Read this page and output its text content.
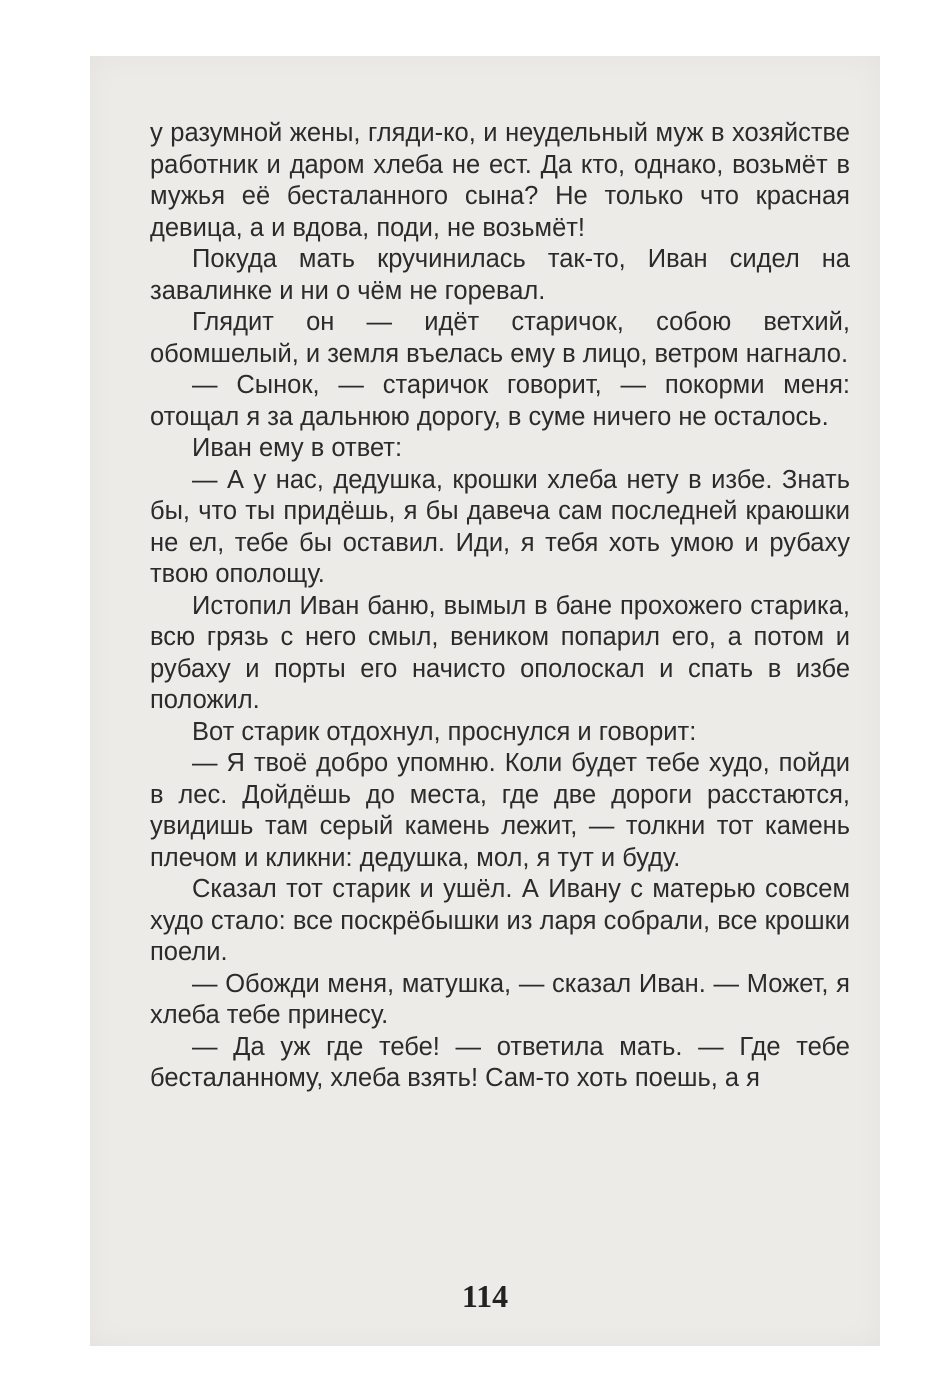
у разумной жены, гляди-ко, и неудельный муж в хозяйстве работник и даром хлеба не ест. Да кто, однако, возьмёт в мужья её бесталанного сына? Не только что красная девица, а и вдова, поди, не возьмёт!

Покуда мать кручинилась так-то, Иван сидел на завалинке и ни о чём не горевал.

Глядит он — идёт старичок, собою ветхий, обомшелый, и земля въелась ему в лицо, ветром нагнало.

— Сынок, — старичок говорит, — покорми меня: отощал я за дальнюю дорогу, в суме ничего не осталось.

Иван ему в ответ:

— А у нас, дедушка, крошки хлеба нету в избе. Знать бы, что ты придёшь, я бы давеча сам последней краюшки не ел, тебе бы оставил. Иди, я тебя хоть умою и рубаху твою ополощу.

Истопил Иван баню, вымыл в бане прохожего старика, всю грязь с него смыл, веником попарил его, а потом и рубаху и порты его начисто ополоскал и спать в избе положил.

Вот старик отдохнул, проснулся и говорит:

— Я твоё добро упомню. Коли будет тебе худо, пойди в лес. Дойдёшь до места, где две дороги расстаются, увидишь там серый камень лежит, — толкни тот камень плечом и кликни: дедушка, мол, я тут и буду.

Сказал тот старик и ушёл. А Ивану с матерью совсем худо стало: все поскрёбышки из ларя собрали, все крошки поели.

— Обожди меня, матушка, — сказал Иван. — Может, я хлеба тебе принесу.

— Да уж где тебе! — ответила мать. — Где тебе бесталанному, хлеба взять! Сам-то хоть поешь, а я

114
